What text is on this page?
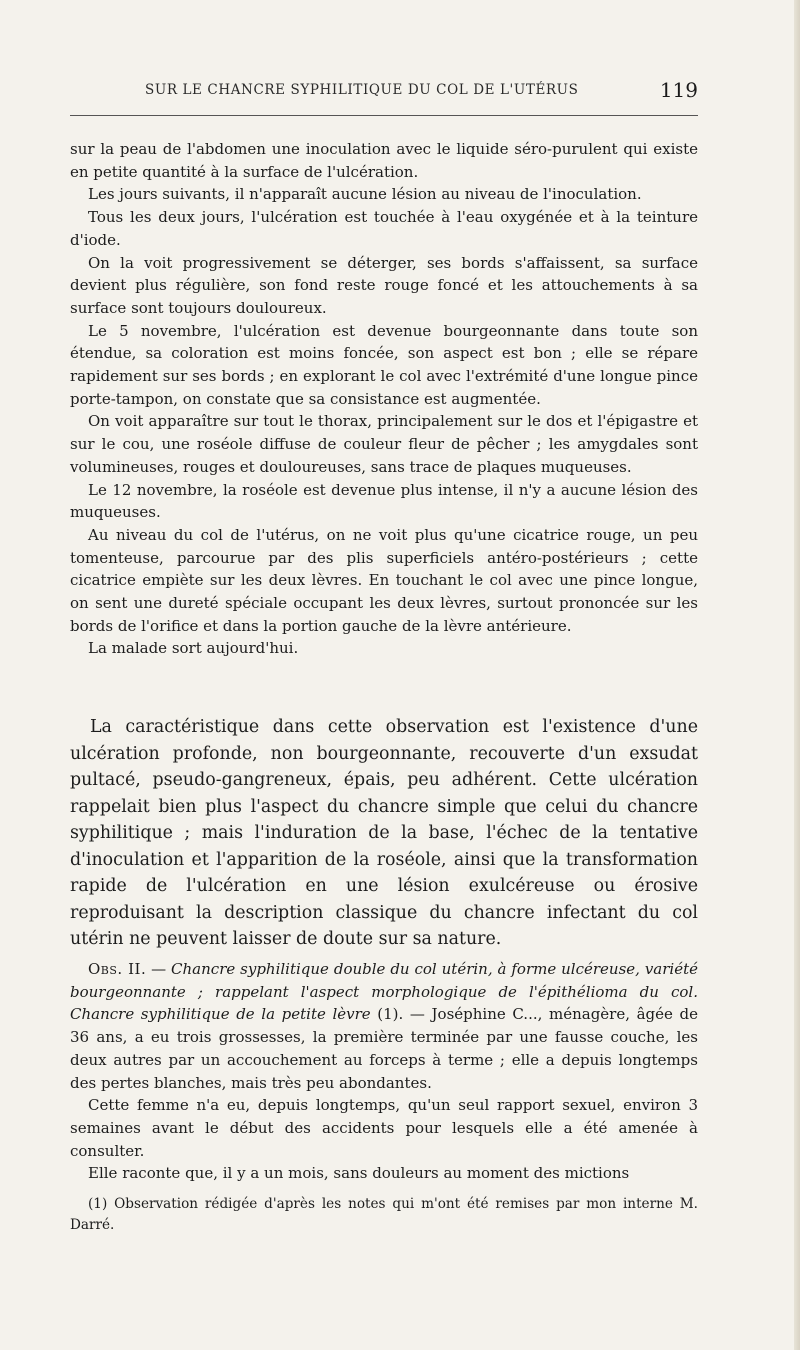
SUR LE CHANCRE SYPHILITIQUE DU COL DE L'UTÉRUS	119

sur la peau de l'abdomen une inoculation avec le liquide séro-purulent qui existe en petite quantité à la surface de l'ulcération.

Les jours suivants, il n'apparaît aucune lésion au niveau de l'inoculation.

Tous les deux jours, l'ulcération est touchée à l'eau oxygénée et à la teinture d'iode.

On la voit progressivement se déterger, ses bords s'affaissent, sa surface devient plus régulière, son fond reste rouge foncé et les attouchements à sa surface sont toujours douloureux.

Le 5 novembre, l'ulcération est devenue bourgeonnante dans toute son étendue, sa coloration est moins foncée, son aspect est bon ; elle se répare rapidement sur ses bords ; en explorant le col avec l'extrémité d'une longue pince porte-tampon, on constate que sa consistance est augmentée.

On voit apparaître sur tout le thorax, principalement sur le dos et l'épigastre et sur le cou, une roséole diffuse de couleur fleur de pêcher ; les amygdales sont volumineuses, rouges et douloureuses, sans trace de plaques muqueuses.

Le 12 novembre, la roséole est devenue plus intense, il n'y a aucune lésion des muqueuses.

Au niveau du col de l'utérus, on ne voit plus qu'une cicatrice rouge, un peu tomenteuse, parcourue par des plis superficiels antéro-postérieurs ; cette cicatrice empiète sur les deux lèvres. En touchant le col avec une pince longue, on sent une dureté spéciale occupant les deux lèvres, surtout prononcée sur les bords de l'orifice et dans la portion gauche de la lèvre antérieure.

La malade sort aujourd'hui.

La caractéristique dans cette observation est l'existence d'une ulcération profonde, non bourgeonnante, recouverte d'un exsudat pultacé, pseudo-gangreneux, épais, peu adhérent. Cette ulcération rappelait bien plus l'aspect du chancre simple que celui du chancre syphilitique ; mais l'induration de la base, l'échec de la tentative d'inoculation et l'apparition de la roséole, ainsi que la transformation rapide de l'ulcération en une lésion exulcéreuse ou érosive reproduisant la description classique du chancre infectant du col utérin ne peuvent laisser de doute sur sa nature.

Obs. II. — Chancre syphilitique double du col utérin, à forme ulcéreuse, variété bourgeonnante ; rappelant l'aspect morphologique de l'épithélioma du col. Chancre syphilitique de la petite lèvre (1). — Joséphine C..., ménagère, âgée de 36 ans, a eu trois grossesses, la première terminée par une fausse couche, les deux autres par un accouchement au forceps à terme ; elle a depuis longtemps des pertes blanches, mais très peu abondantes.

Cette femme n'a eu, depuis longtemps, qu'un seul rapport sexuel, environ 3 semaines avant le début des accidents pour lesquels elle a été amenée à consulter.

Elle raconte que, il y a un mois, sans douleurs au moment des mictions

(1) Observation rédigée d'après les notes qui m'ont été remises par mon interne M. Darré.
